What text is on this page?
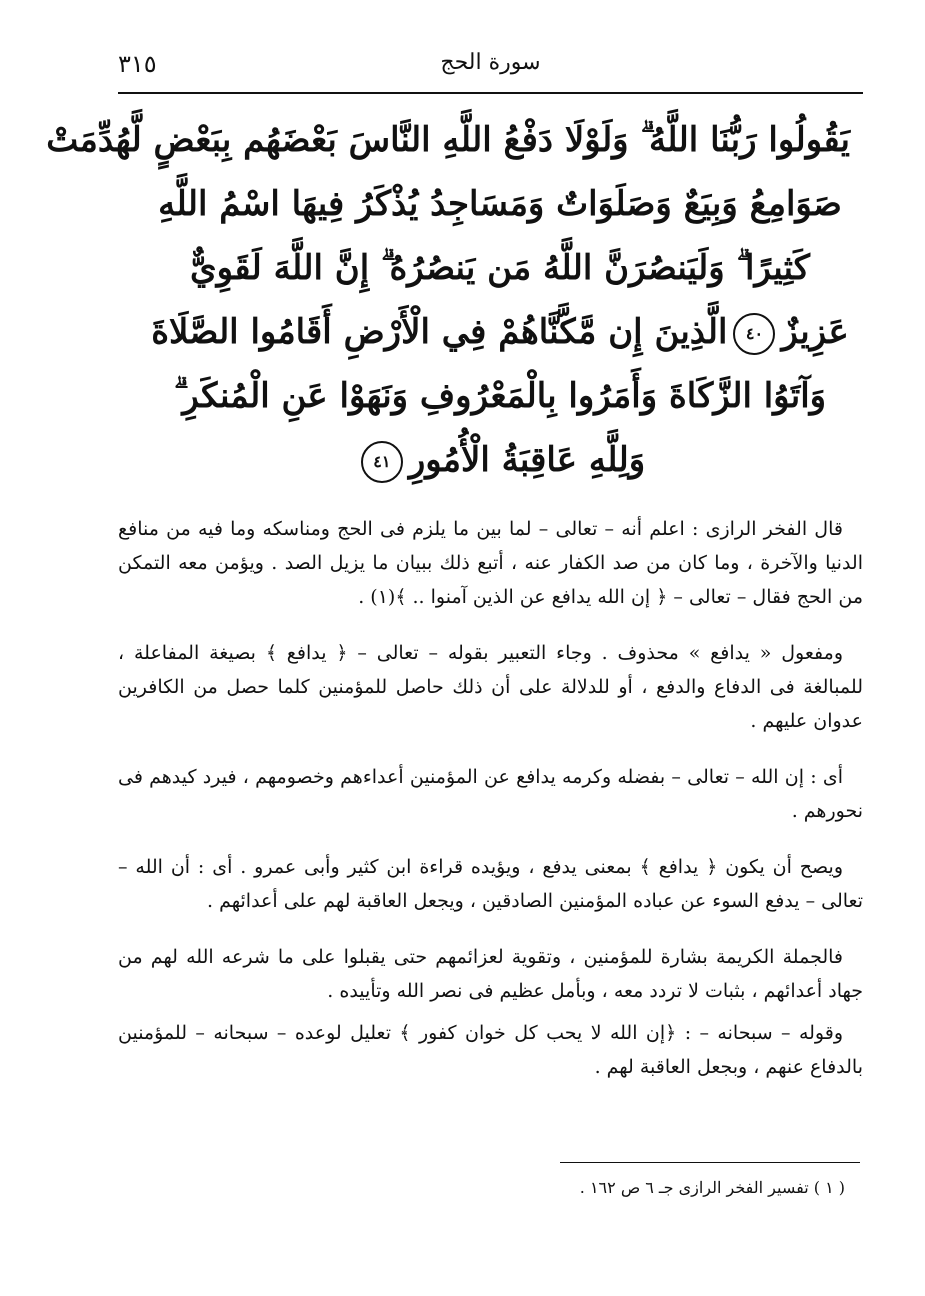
٣١٥	سورة الحج
يَقُولُوا رَبُّنَا اللَّهُ ۗ وَلَوْلَا دَفْعُ اللَّهِ النَّاسَ بَعْضَهُم بِبَعْضٍ لَّهُدِّمَتْ
صَوَامِعُ وَبِيَعٌ وَصَلَوَاتٌ وَمَسَاجِدُ يُذْكَرُ فِيهَا اسْمُ اللَّهِ
كَثِيرًا ۗ وَلَيَنصُرَنَّ اللَّهُ مَن يَنصُرُهُ ۗ إِنَّ اللَّهَ لَقَوِيٌّ
عَزِيزٌ٤٠الَّذِينَ إِن مَّكَّنَّاهُمْ فِي الْأَرْضِ أَقَامُوا الصَّلَاةَ
وَآتَوُا الزَّكَاةَ وَأَمَرُوا بِالْمَعْرُوفِ وَنَهَوْا عَنِ الْمُنكَرِ ۗ
وَلِلَّهِ عَاقِبَةُ الْأُمُورِ٤١

قال الفخر الرازى : اعلم أنه – تعالى – لما بين ما يلزم فى الحج ومناسكه وما فيه من منافع الدنيا والآخرة ، وما كان من صد الكفار عنه ، أتبع ذلك ببيان ما يزيل الصد . ويؤمن معه التمكن من الحج فقال – تعالى – ﴿ إن الله يدافع عن الذين آمنوا .. ﴾(١) .

ومفعول « يدافع » محذوف . وجاء التعبير بقوله – تعالى – ﴿ يدافع ﴾ بصيغة المفاعلة ، للمبالغة فى الدفاع والدفع ، أو للدلالة على أن ذلك حاصل للمؤمنين كلما حصل من الكافرين عدوان عليهم .

أى : إن الله – تعالى – بفضله وكرمه يدافع عن المؤمنين أعداءهم وخصومهم ، فيرد كيدهم فى نحورهم .

ويصح أن يكون ﴿ يدافع ﴾ بمعنى يدفع ، ويؤيده قراءة ابن كثير وأبى عمرو . أى : أن الله – تعالى – يدفع السوء عن عباده المؤمنين الصادقين ، ويجعل العاقبة لهم على أعدائهم .

فالجملة الكريمة بشارة للمؤمنين ، وتقوية لعزائمهم حتى يقبلوا على ما شرعه الله لهم من جهاد أعدائهم ، بثبات لا تردد معه ، وبأمل عظيم فى نصر الله وتأييده .

وقوله – سبحانه – : ﴿إن الله لا يحب كل خوان كفور ﴾ تعليل لوعده – سبحانه – للمؤمنين بالدفاع عنهم ، وبجعل العاقبة لهم .

( ١ ) تفسير الفخر الرازى جـ ٦ ص ١٦٢ .
